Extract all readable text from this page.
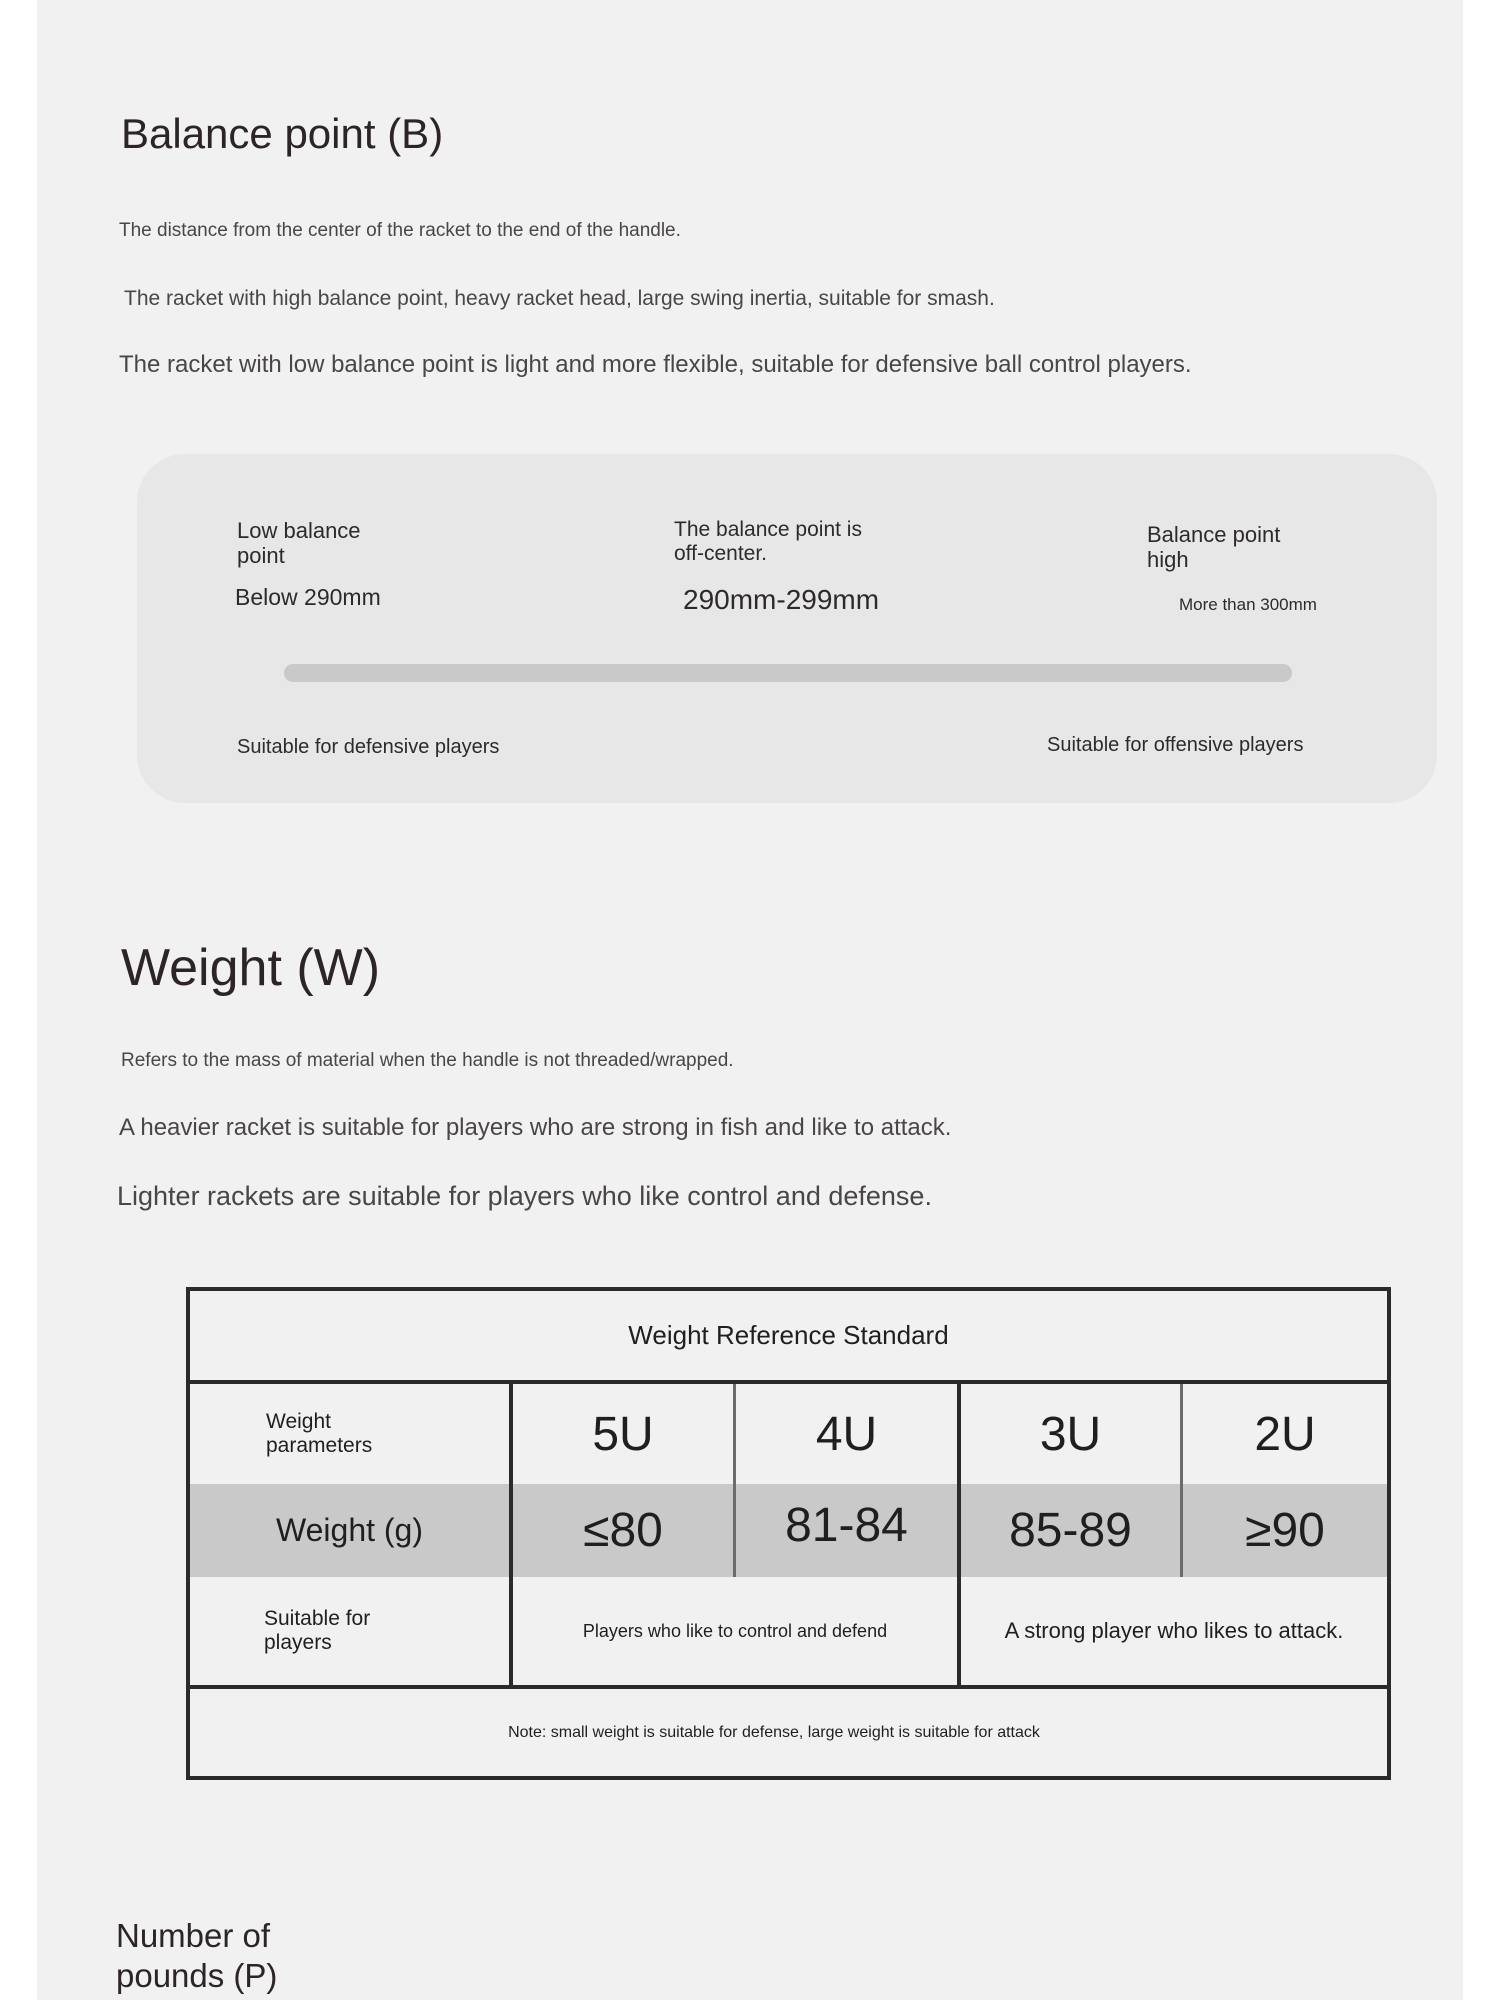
Balance point (B)
The distance from the center of the racket to the end of the handle.
The racket with high balance point, heavy racket head, large swing inertia, suitable for smash.
The racket with low balance point is light and more flexible, suitable for defensive ball control players.
Low balance
point
Below 290mm
The balance point is
off-center.
290mm-299mm
Balance point
high
More than 300mm
Suitable for defensive players	Suitable for offensive players
Weight (W)
Refers to the mass of material when the handle is not threaded/wrapped.
A heavier racket is suitable for players who are strong in fish and like to attack.
Lighter rackets are suitable for players who like control and defense.
Weight Reference Standard
Weight
parameters	5U	4U	3U	2U
Weight (g)	≤80	81-84	85-89	≥90
Suitable for
players
Players who like to control and defend	A strong player who likes to attack.
Note: small weight is suitable for defense, large weight is suitable for attack
Number of
pounds (P)
